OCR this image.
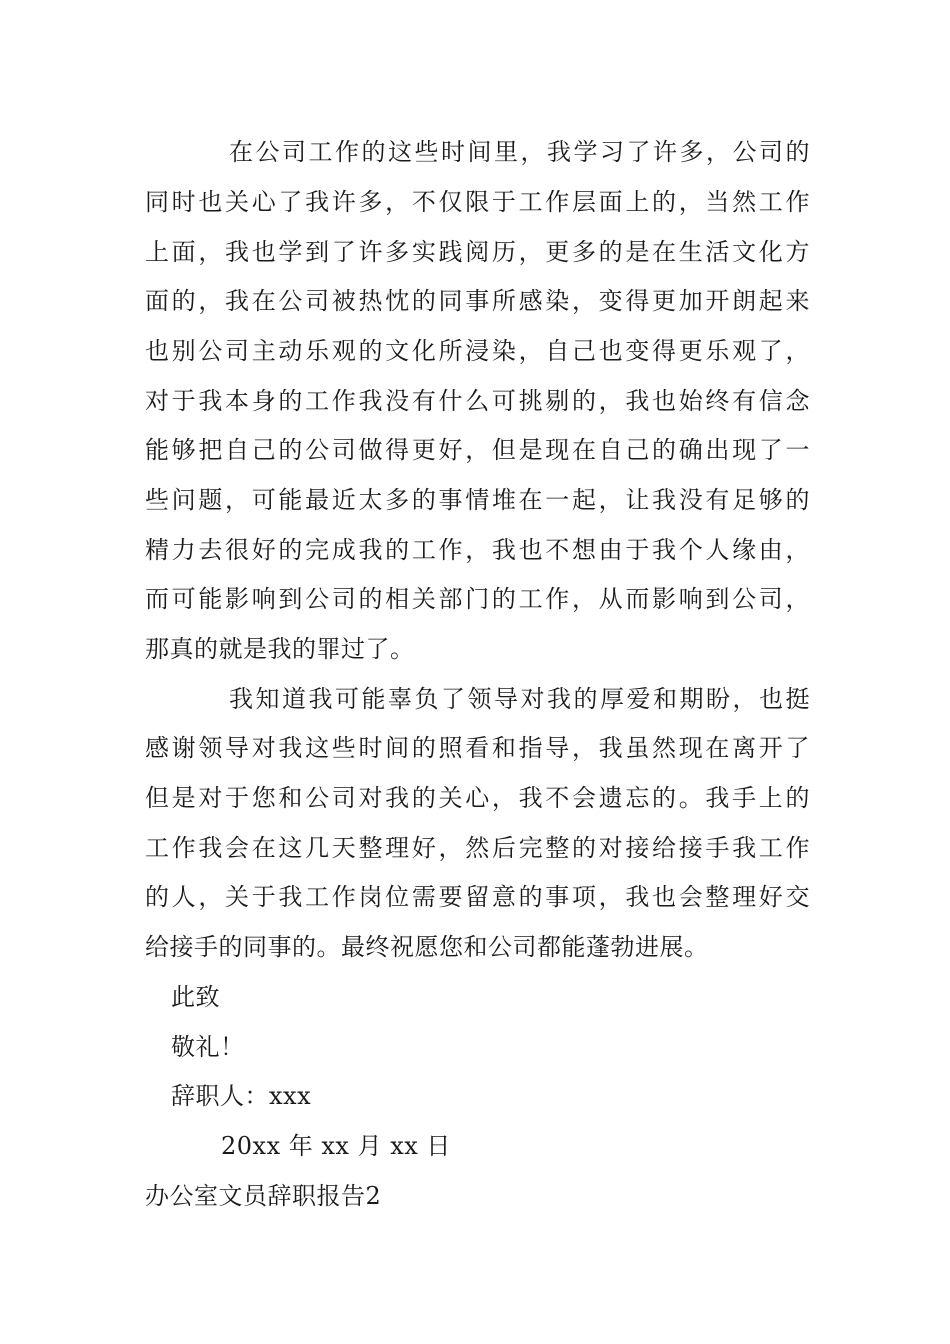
在公司工作的这些时间里，我学习了许多，公司的
同时也关心了我许多，不仅限于工作层面上的，当然工作
上面，我也学到了许多实践阅历，更多的是在生活文化方
面的，我在公司被热忱的同事所感染，变得更加开朗起来
也别公司主动乐观的文化所浸染，自己也变得更乐观了，
对于我本身的工作我没有什么可挑剔的，我也始终有信念
能够把自己的公司做得更好，但是现在自己的确出现了一
些问题，可能最近太多的事情堆在一起，让我没有足够的
精力去很好的完成我的工作，我也不想由于我个人缘由，
而可能影响到公司的相关部门的工作，从而影响到公司，
那真的就是我的罪过了。
我知道我可能辜负了领导对我的厚爱和期盼，也挺
感谢领导对我这些时间的照看和指导，我虽然现在离开了
但是对于您和公司对我的关心，我不会遗忘的。我手上的
工作我会在这几天整理好，然后完整的对接给接手我工作
的人，关于我工作岗位需要留意的事项，我也会整理好交
给接手的同事的。最终祝愿您和公司都能蓬勃进展。
此致
敬礼！
辞职人：xxx
20xx 年 xx 月 xx 日
办公室文员辞职报告2
